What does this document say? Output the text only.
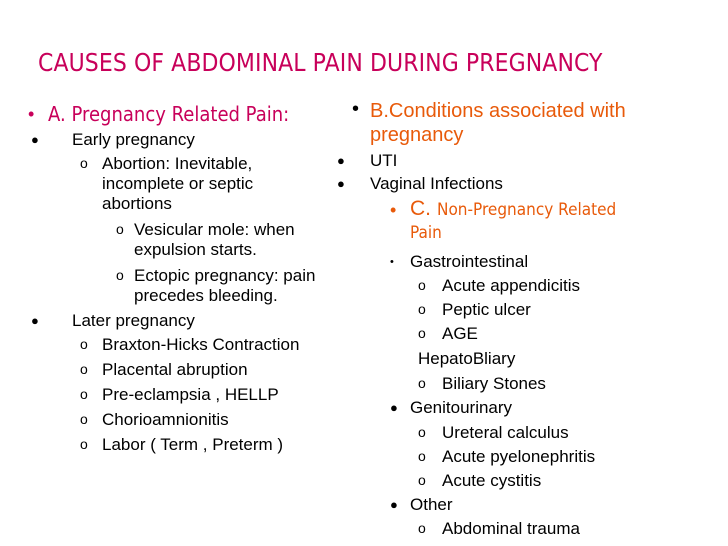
CAUSES OF ABDOMINAL PAIN DURING PREGNANCY
• A. Pregnancy Related Pain:
● Early pregnancy
o Abortion: Inevitable,
incomplete or septic
abortions
o Vesicular mole: when
expulsion starts.
o Ectopic pregnancy: pain
precedes bleeding.
● Later pregnancy
o Braxton-Hicks Contraction
o Placental abruption
o Pre-eclampsia , HELLP
o Chorioamnionitis
o Labor ( Term , Preterm )
• B.Conditions associated with
pregnancy
● UTI
● Vaginal Infections
• C. Non-Pregnancy Related
Pain
• Gastrointestinal
o Acute appendicitis
o Peptic ulcer
o AGE
HepatoBliary
o Biliary Stones
● Genitourinary
o Ureteral calculus
o Acute pyelonephritis
o Acute cystitis
● Other
o Abdominal trauma
